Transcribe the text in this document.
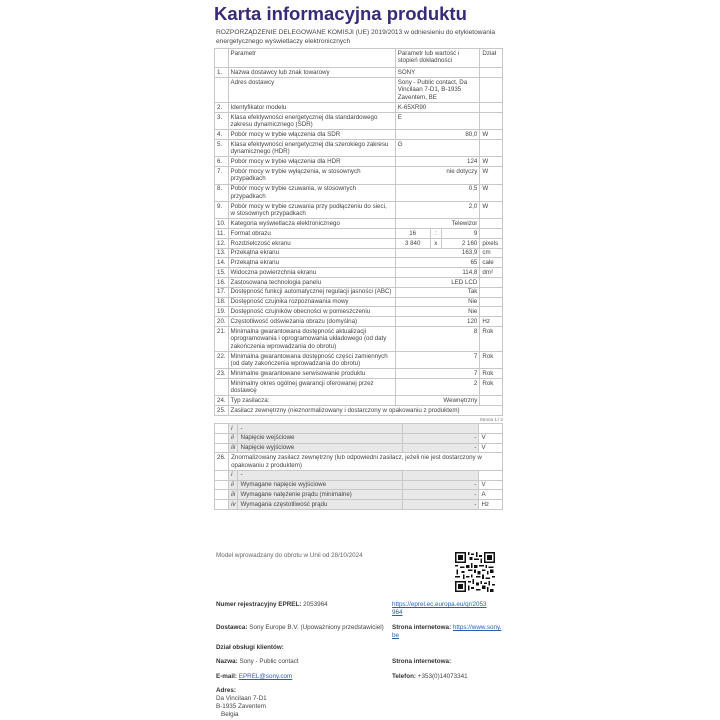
Karta informacyjna produktu
ROZPORZĄDZENIE DELEGOWANE KOMISJI (UE) 2019/2013 w odniesieniu do etykietowania energetycznego wyświetlaczy elektronicznych
	Parametr	Parametr lub wartość i stopień dokładności			Dział
1.	Nazwa dostawcy lub znak towarowy	SONY			
	Adres dostawcy	Sony - Public contact, Da Vincilaan 7-D1, B-1935 Zaventem, BE			
2.	Identyfikator modelu	K-65XR90			
3.	Klasa efektywności energetycznej dla standardowego zakresu dynamicznego (SDR)	E			
4.	Pobór mocy w trybie włączenia dla SDR	80,0			W
5.	Klasa efektywności energetycznej dla szerokiego zakresu dynamicznego (HDR)	G			
6.	Pobór mocy w trybie włączenia dla HDR	124			W
7.	Pobór mocy w trybie wyłączenia, w stosownych przypadkach	nie dotyczy			W
8.	Pobór mocy w trybie czuwania, w stosownych przypadkach	0,5			W
9.	Pobór mocy w trybie czuwania przy podłączeniu do sieci, w stosownych przypadkach	2,0			W
10.	Kategoria wyświetlacza elektronicznego	Telewizor			
11.	Format obrazu	16	:	9	
12.	Rozdzielczość ekranu	3 840	x	2 160	pixels
13.	Przekątna ekranu	163,9			cm
14.	Przekątna ekranu	65			cale
15.	Widoczna powierzchnia ekranu	114,8			dm²
16.	Zastosowana technologia panelu	LED LCD			
17.	Dostępność funkcji automatycznej regulacji jasności (ABC)	Tak			
18.	Dostępność czujnika rozpoznawania mowy	Nie			
19.	Dostępność czujników obecności w pomieszczeniu	Nie			
20.	Częstotliwość odświeżania obrazu (domyślna)	120			Hz
21.	Minimalna gwarantowana dostępność aktualizacji oprogramowania i oprogramowania układowego (od daty zakończenia wprowadzania do obrotu)	8			Rok
22.	Minimalna gwarantowana dostępność części zamiennych (od daty zakończenia wprowadzania do obrotu)	7			Rok
23.	Minimalne gwarantowane serwisowanie produktu	7			Rok
	Minimalny okres ogólnej gwarancji oferowanej przez dostawcę	2			Rok
24.	Typ zasilacza:	Wewnętrzny			
25.	Zasilacz zewnętrzny (nieznormalizowany i dostarczony w opakowaniu z produktem)				
Strona 1 / 2
	i	-		
	ii	Napięcie wejściowe	-	V
	iii	Napięcie wyjściowe	-	V
26.	Znormalizowany zasilacz zewnętrzny (lub odpowiedni zasilacz, jeżeli nie jest dostarczony w opakowaniu z produktem)			
	i	-		
	ii	Wymagane napięcie wyjściowe	-	V
	iii	Wymagane natężenie prądu (minimalne)	-	A
	iv	Wymagana częstotliwość prądu	-	Hz
Model wprowadzany do obrotu w Unii od 28/10/2024
Numer rejestracyjny EPREL: 2053964	https://eprel.ec.europa.eu/qr/2053964
Dostawca: Sony Europe B.V. (Upoważniony przedstawiciel)	Strona internetowa: https://www.sony.be
Dział obsługi klientów:
Nazwa: Sony - Public contact	Strona internetowa:
E-mail: EPREL@sony.com	Telefon: +353(0)14073341
Adres:
Da Vincilaan 7-D1
B-1935 Zaventem
Belgia
